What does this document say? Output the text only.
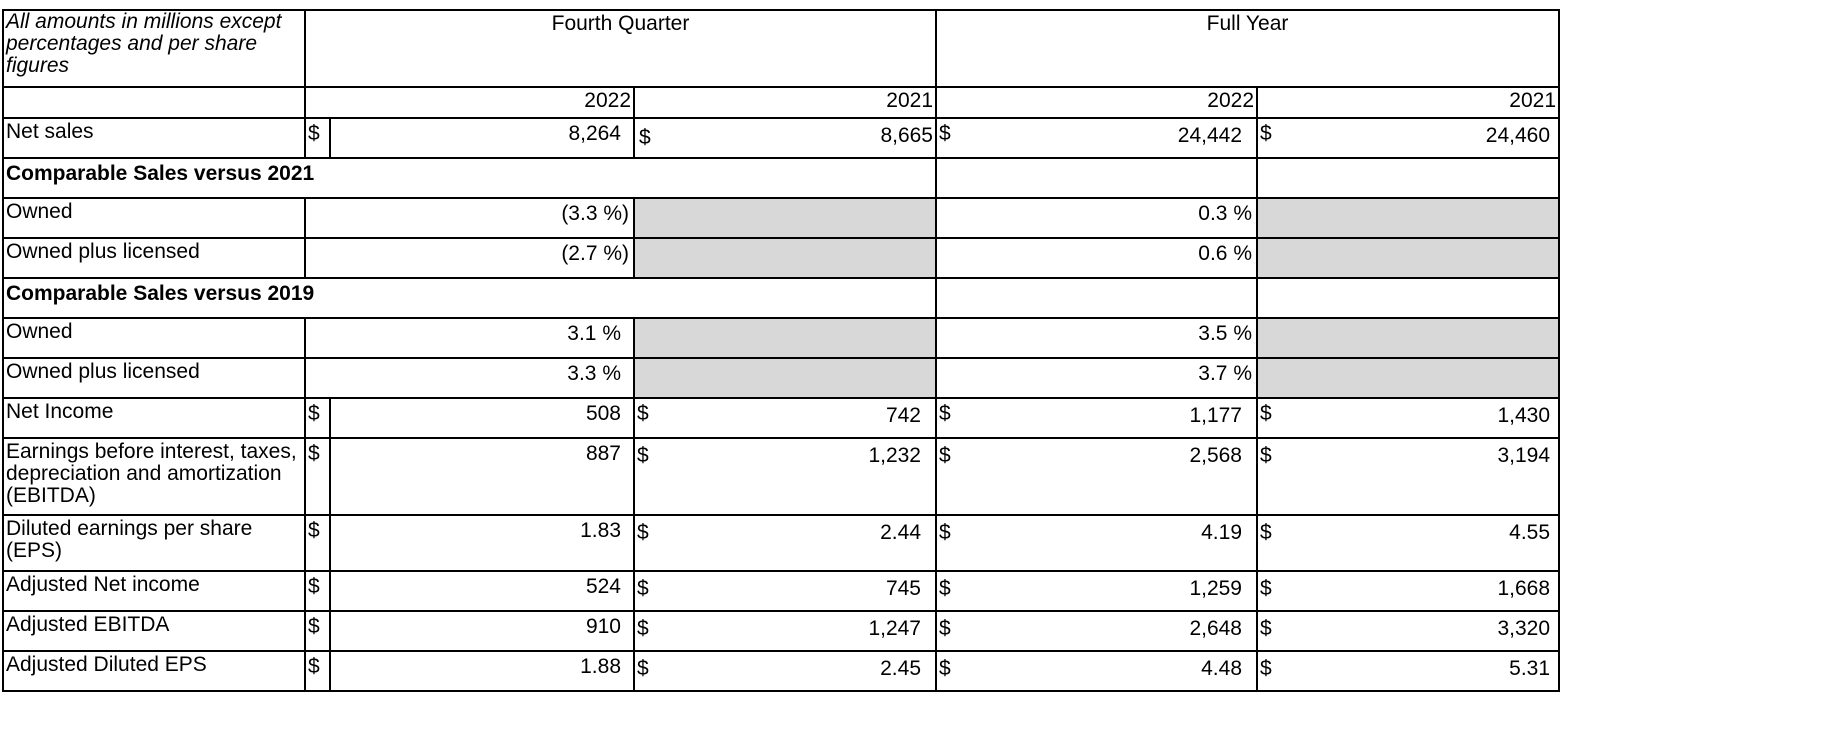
All amounts in millions except percentages and per share figures	Fourth Quarter			Full Year	
	2022		2021	2022	2021
Net sales	$	8,264	$ 8,665	$ 24,442	$ 24,460

Comparable Sales versus 2021					
Owned	(3.3 %)			0.3 %	
Owned plus licensed	(2.7 %)			0.6 %	
Comparable Sales versus 2019					
Owned	3.1 %			3.5 %	
Owned plus licensed	3.3 %			3.7 %	
Net Income	$	508	$ 742	$ 1,177	$ 1,430

Earnings before interest, taxes, depreciation and amortization (EBITDA)	$	887	$ 1,232	$ 2,568	$ 3,194

Diluted earnings per share (EPS)	$	1.83	$ 2.44	$ 4.19	$ 4.55

Adjusted Net income	$	524	$ 745	$ 1,259	$ 1,668

Adjusted EBITDA	$	910	$ 1,247	$ 2,648	$ 3,320

Adjusted Diluted EPS	$	1.88	$ 2.45	$ 4.48	$ 5.31
